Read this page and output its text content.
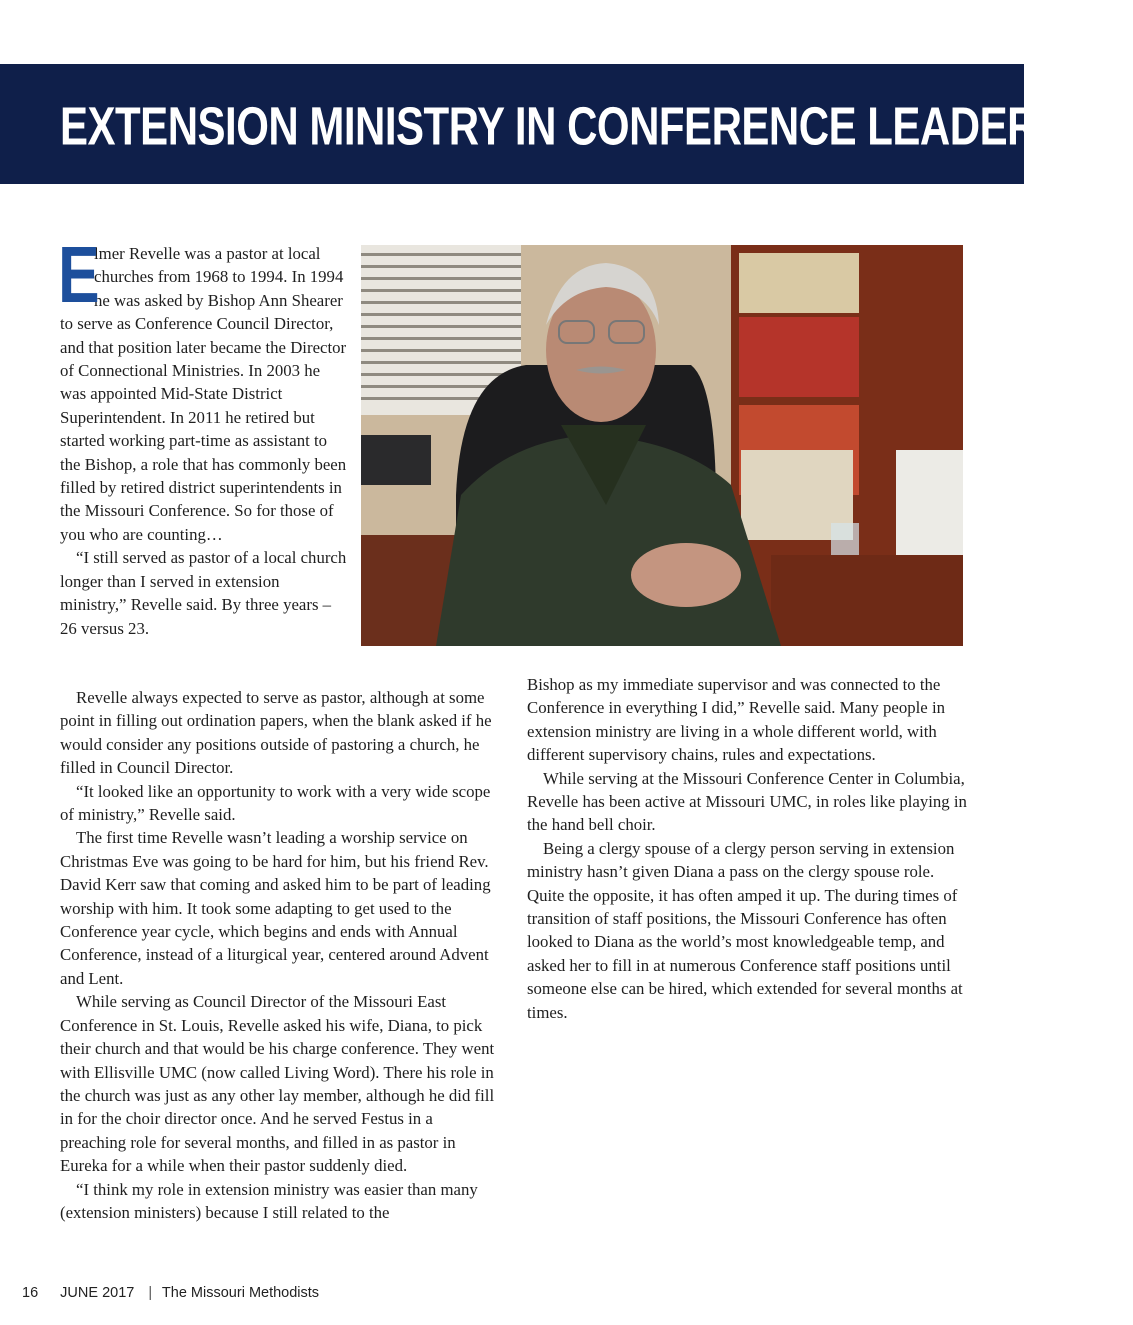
EXTENSION MINISTRY IN CONFERENCE LEADERSHIP

E
lmer Revelle was a pastor at local churches from 1968 to 1994. In 1994 he was asked by Bishop Ann Shearer to serve as Conference Council Director, and that position later became the Director of Connectional Ministries. In 2003 he was appointed Mid-State District Superintendent. In 2011 he retired but started working part-time as assistant to the Bishop, a role that has commonly been filled by retired district superintendents in the Missouri Conference. So for those of you who are counting…

“I still served as pastor of a local church longer than I served in extension ministry,” Revelle said. By three years – 26 versus 23.

Revelle always expected to serve as pastor, although at some point in filling out ordination papers, when the blank asked if he would consider any positions outside of pastoring a church, he filled in Council Director.

“It looked like an opportunity to work with a very wide scope of ministry,” Revelle said.

The first time Revelle wasn’t leading a worship service on Christmas Eve was going to be hard for him, but his friend Rev. David Kerr saw that coming and asked him to be part of leading worship with him. It took some adapting to get used to the Conference year cycle, which begins and ends with Annual Conference, instead of a liturgical year, centered around Advent and Lent.

While serving as Council Director of the Missouri East Conference in St. Louis, Revelle asked his wife, Diana, to pick their church and that would be his charge conference. They went with Ellisville UMC (now called Living Word). There his role in the church was just as any other lay member, although he did fill in for the choir director once. And he served Festus in a preaching role for several months, and filled in as pastor in Eureka for a while when their pastor suddenly died.

“I think my role in extension ministry was easier than many (extension ministers) because I still related to the

Bishop as my immediate supervisor and was connected to the Conference in everything I did,” Revelle said. Many people in extension ministry are living in a whole different world, with different supervisory chains, rules and expectations.

While serving at the Missouri Conference Center in Columbia, Revelle has been active at Missouri UMC, in roles like playing in the hand bell choir.

Being a clergy spouse of a clergy person serving in extension ministry hasn’t given Diana a pass on the clergy spouse role. Quite the opposite, it has often amped it up. The during times of transition of staff positions, the Missouri Conference has often looked to Diana as the world’s most knowledgeable temp, and asked her to fill in at numerous Conference staff positions until someone else can be hired, which extended for several months at times.

16 JUNE 2017 | The Missouri Methodists
